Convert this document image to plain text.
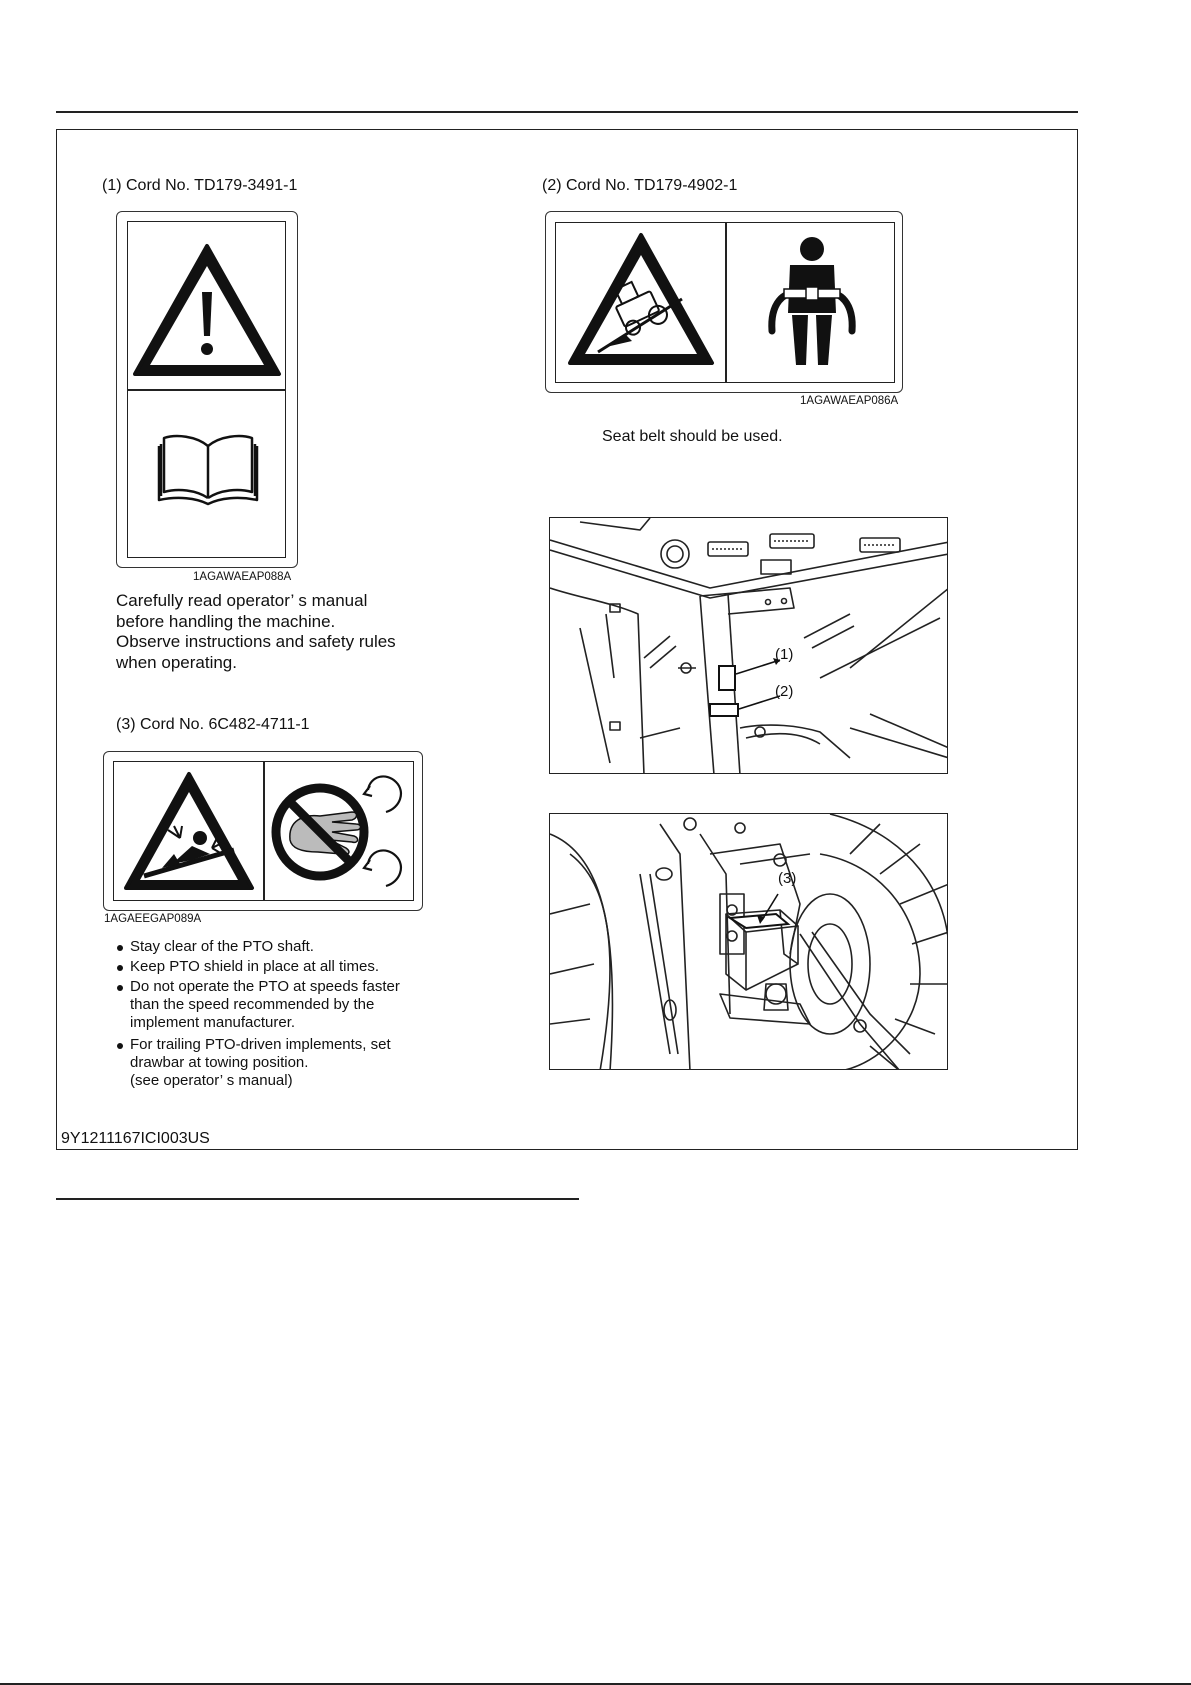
(1) Cord No. TD179-3491-1
1AGAWAEAP088A
Carefully read operator’ s manual
before handling the machine.
Observe instructions and safety rules
when operating.
(2) Cord No. TD179-4902-1
1AGAWAEAP086A
Seat belt should be used.
(1)
(2)
(3) Cord No. 6C482-4711-1
1AGAEEGAP089A
Stay clear of the PTO shaft.
Keep PTO shield in place at all times.
Do not operate the PTO at speeds faster
than the speed recommended by the
implement manufacturer.
For trailing PTO-driven implements, set
drawbar at towing position.
(see operator’ s manual)
(3)
9Y1211167ICI003US
